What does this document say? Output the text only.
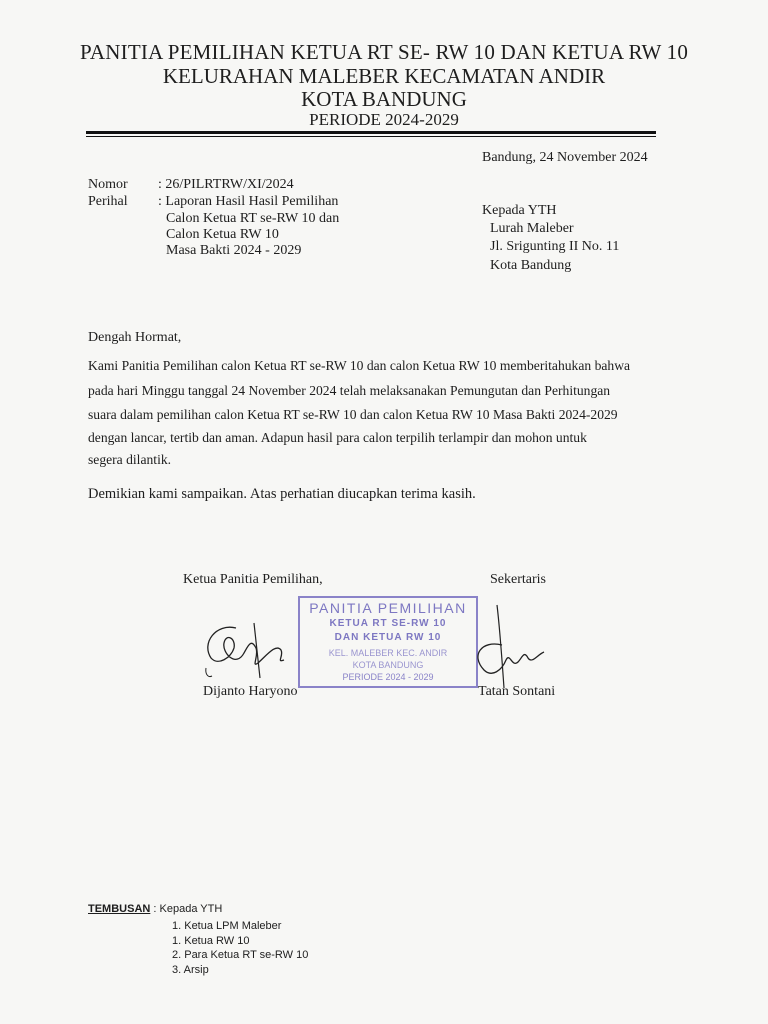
PANITIA PEMILIHAN KETUA RT SE- RW 10 DAN KETUA RW 10
KELURAHAN MALEBER KECAMATAN ANDIR
KOTA BANDUNG
PERIODE 2024-2029
Bandung, 24 November 2024
Nomor : 26/PILRTRW/XI/2024
Perihal : Laporan Hasil Hasil Pemilihan
Calon Ketua RT se-RW 10 dan
Calon Ketua RW 10
Masa Bakti 2024 - 2029
Kepada YTH
Lurah Maleber
Jl. Srigunting II No. 11
Kota Bandung
Dengah Hormat,
Kami Panitia Pemilihan calon Ketua RT se-RW 10 dan calon Ketua RW 10 memberitahukan bahwa
pada hari Minggu tanggal 24 November 2024 telah melaksanakan Pemungutan dan Perhitungan
suara dalam pemilihan calon Ketua RT se-RW 10 dan calon Ketua RW 10 Masa Bakti 2024-2029
dengan lancar, tertib dan aman. Adapun hasil para calon terpilih terlampir dan mohon untuk
segera dilantik.
Demikian kami sampaikan. Atas perhatian diucapkan terima kasih.
Ketua Panitia Pemilihan,	Sekertaris
PANITIA PEMILIHAN
KETUA RT SE-RW 10
DAN KETUA RW 10
KEL. MALEBER KEC. ANDIR
KOTA BANDUNG
PERIODE 2024 - 2029
Dijanto Haryono	Tatan Sontani
TEMBUSAN : Kepada YTH
1. Ketua LPM Maleber
1. Ketua RW 10
2. Para Ketua RT se-RW 10
3. Arsip
